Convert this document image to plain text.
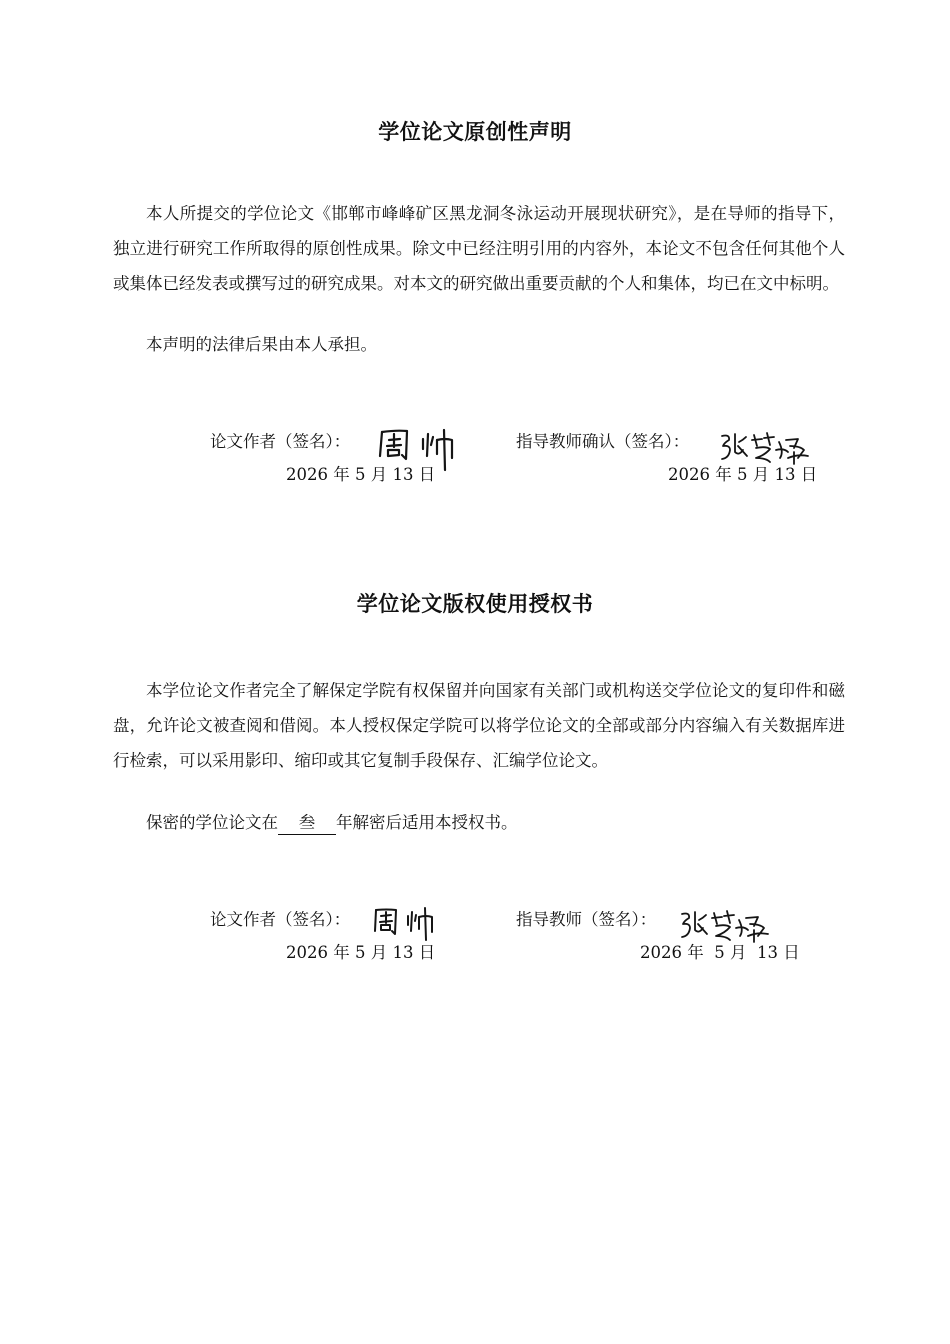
学位论文原创性声明

本人所提交的学位论文《邯郸市峰峰矿区黑龙洞冬泳运动开展现状研究》，是在导师的指导下，独立进行研究工作所取得的原创性成果。除文中已经注明引用的内容外，本论文不包含任何其他个人或集体已经发表或撰写过的研究成果。对本文的研究做出重要贡献的个人和集体，均已在文中标明。

本声明的法律后果由本人承担。

论文作者（签名）：
2026 年 5 月 13 日
指导教师确认（签名）：
2026 年 5 月 13 日
学位论文版权使用授权书

本学位论文作者完全了解保定学院有权保留并向国家有关部门或机构送交学位论文的复印件和磁盘，允许论文被查阅和借阅。本人授权保定学院可以将学位论文的全部或部分内容编入有关数据库进行检索，可以采用影印、缩印或其它复制手段保存、汇编学位论文。

保密的学位论文在 叁 年解密后适用本授权书。

论文作者（签名）：
2026 年 5 月 13 日
指导教师（签名）：
2026 年  5 月  13 日
